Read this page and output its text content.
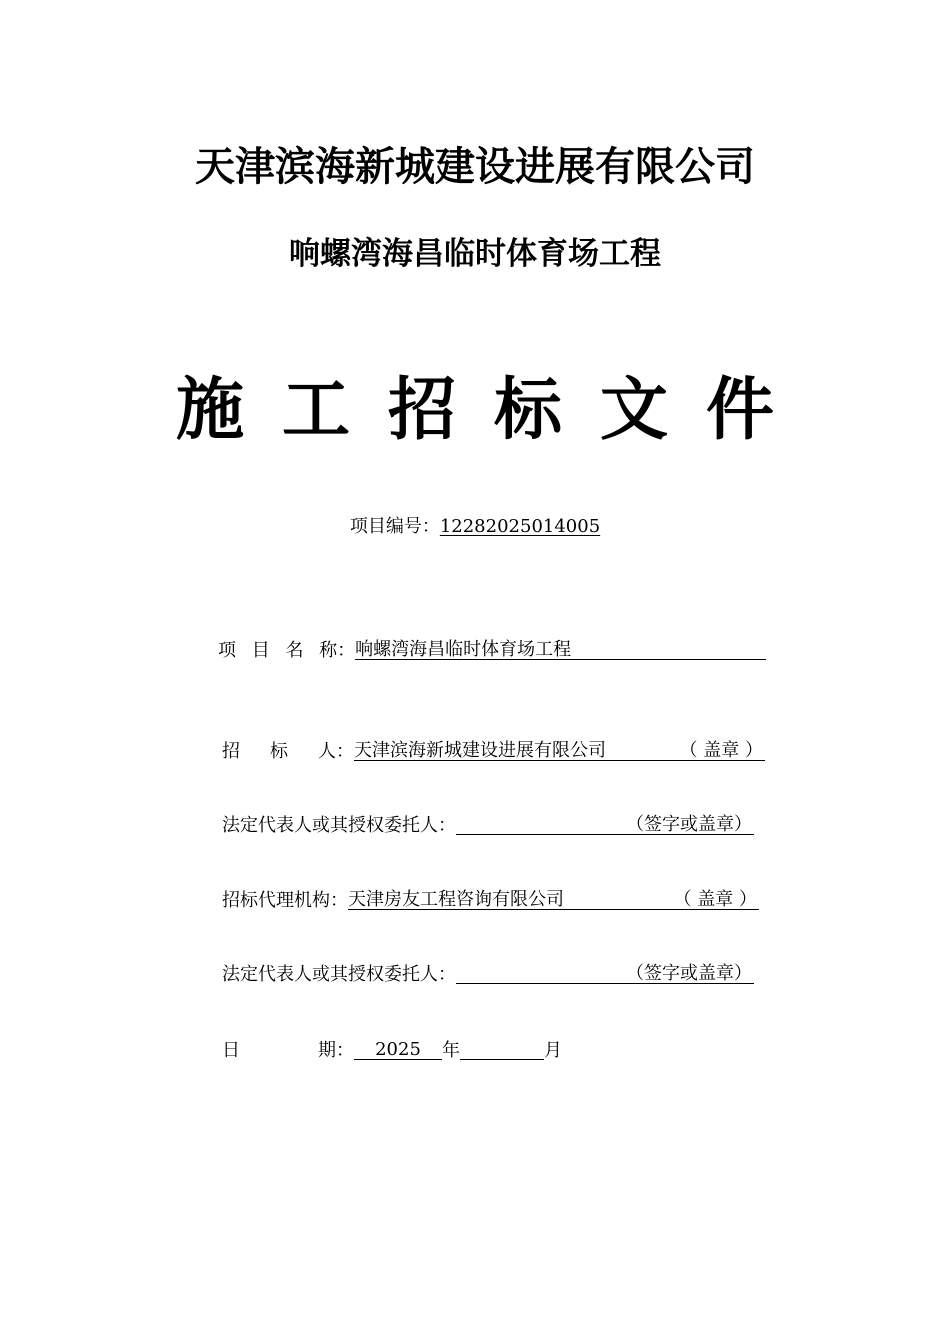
天津滨海新城建设进展有限公司
响螺湾海昌临时体育场工程
施工招标文件
项目编号：12282025014005
项 目 名 称：响螺湾海昌临时体育场工程
招 标 人：天津滨海新城建设进展有限公司	（ 盖章 ）
法定代表人或其授权委托人：	（签字或盖章）
招标代理机构：天津房友工程咨询有限公司	（ 盖章 ）
法定代表人或其授权委托人：	（签字或盖章）
日	期： 2025 年	月
